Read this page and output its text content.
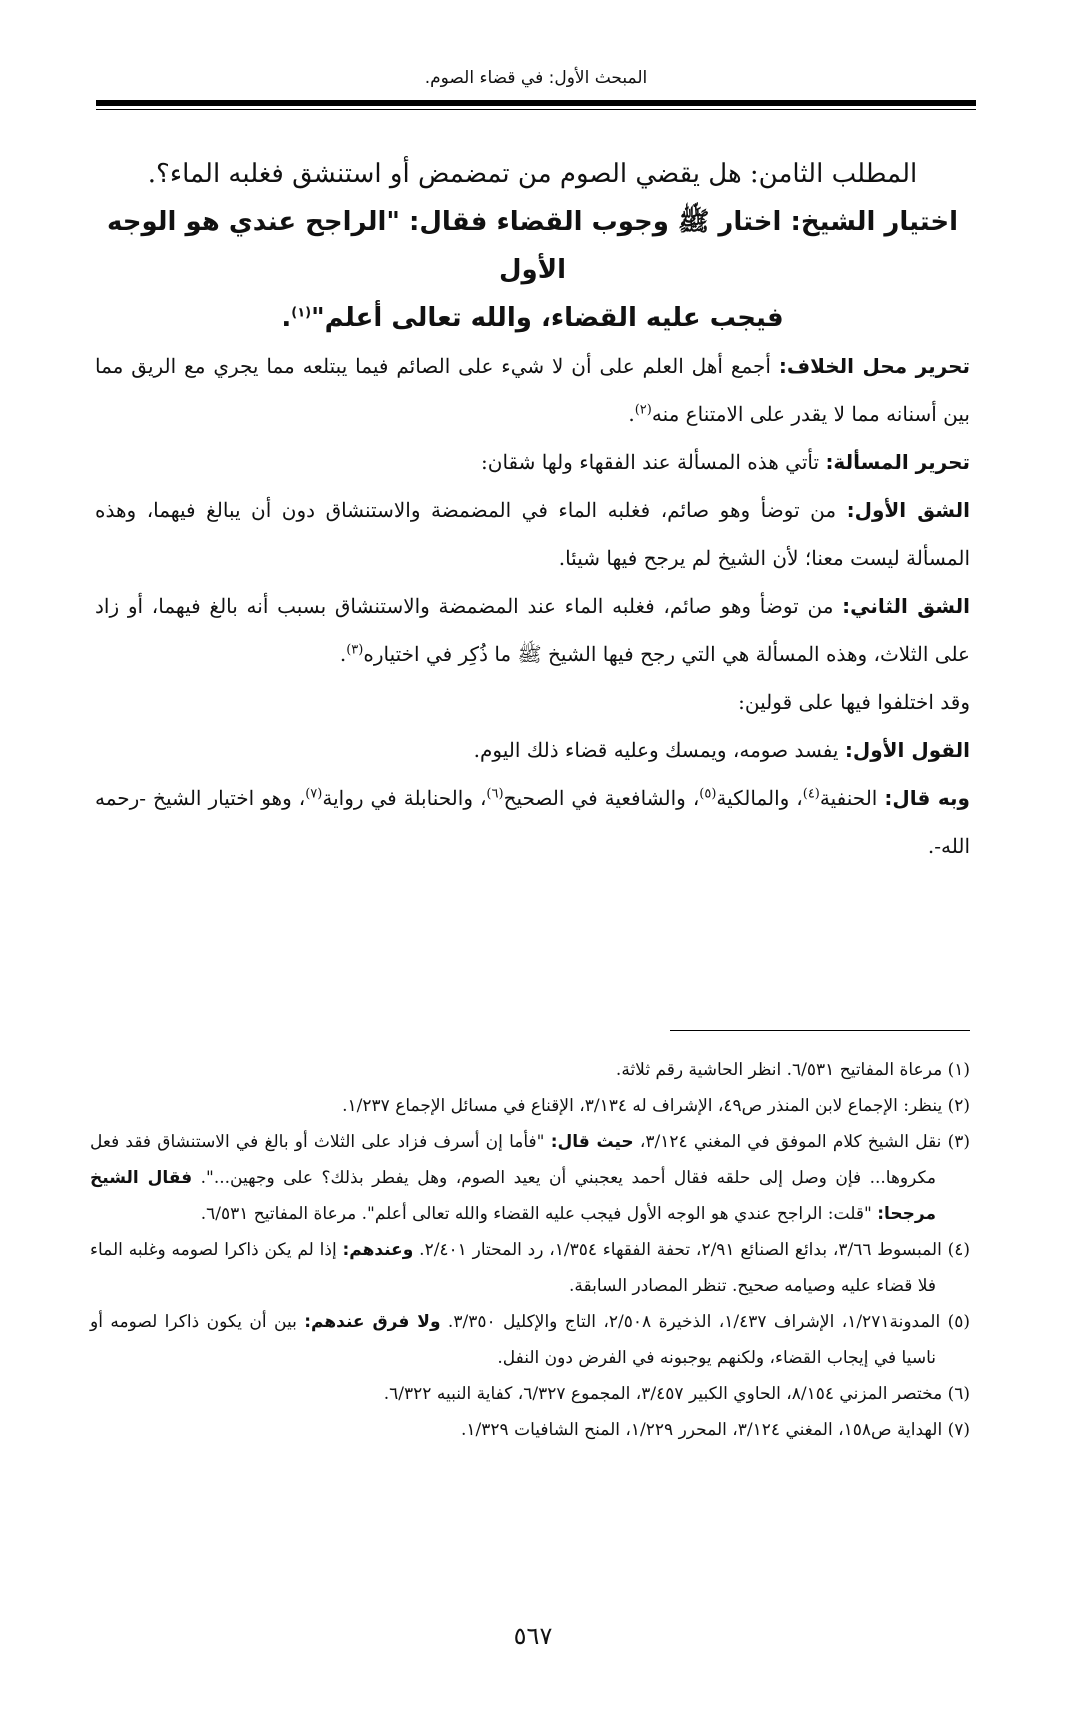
المبحث الأول: في قضاء الصوم.

المطلب الثامن: هل يقضي الصوم من تمضمض أو استنشق فغلبه الماء؟.

اختيار الشيخ: اختار ﷺ وجوب القضاء فقال: "الراجح عندي هو الوجه الأول

فيجب عليه القضاء، والله تعالى أعلم"$^{(١)}$.

تحرير محل الخلاف: أجمع أهل العلم على أن لا شيء على الصائم فيما يبتلعه مما يجري مع الريق مما بين أسنانه مما لا يقدر على الامتناع منه$^{(٢)}$.

تحرير المسألة: تأتي هذه المسألة عند الفقهاء ولها شقان:

الشق الأول: من توضأ وهو صائم، فغلبه الماء في المضمضة والاستنشاق دون أن يبالغ فيهما، وهذه المسألة ليست معنا؛ لأن الشيخ لم يرجح فيها شيئا.

الشق الثاني: من توضأ وهو صائم، فغلبه الماء عند المضمضة والاستنشاق بسبب أنه بالغ فيهما، أو زاد على الثلاث، وهذه المسألة هي التي رجح فيها الشيخ ﷺ ما ذُكِر في اختياره$^{(٣)}$.

وقد اختلفوا فيها على قولين:

القول الأول: يفسد صومه، ويمسك وعليه قضاء ذلك اليوم.

وبه قال: الحنفية$^{(٤)}$، والمالكية$^{(٥)}$، والشافعية في الصحيح$^{(٦)}$، والحنابلة في رواية$^{(٧)}$، وهو اختيار الشيخ -رحمه الله-.

(١) مرعاة المفاتيح ٦/٥٣١. انظر الحاشية رقم ثلاثة.

(٢) ينظر: الإجماع لابن المنذر ص٤٩، الإشراف له ٣/١٣٤، الإقناع في مسائل الإجماع ١/٢٣٧.

(٣) نقل الشيخ كلام الموفق في المغني ٣/١٢٤، حيث قال: "فأما إن أسرف فزاد على الثلاث أو بالغ في الاستنشاق فقد فعل مكروها... فإن وصل إلى حلقه فقال أحمد يعجبني أن يعيد الصوم، وهل يفطر بذلك؟ على وجهين...". فقال الشيخ مرجحا: "قلت: الراجح عندي هو الوجه الأول فيجب عليه القضاء والله تعالى أعلم". مرعاة المفاتيح ٦/٥٣١.

(٤) المبسوط ٣/٦٦، بدائع الصنائع ٢/٩١، تحفة الفقهاء ١/٣٥٤، رد المحتار ٢/٤٠١. وعندهم: إذا لم يكن ذاكرا لصومه وغلبه الماء فلا قضاء عليه وصيامه صحيح. تنظر المصادر السابقة.

(٥) المدونة١/٢٧١، الإشراف ١/٤٣٧، الذخيرة ٢/٥٠٨، التاج والإكليل ٣/٣٥٠. ولا فرق عندهم: بين أن يكون ذاكرا لصومه أو ناسيا في إيجاب القضاء، ولكنهم يوجبونه في الفرض دون النفل.

(٦) مختصر المزني ٨/١٥٤، الحاوي الكبير ٣/٤٥٧، المجموع ٦/٣٢٧، كفاية النبيه ٦/٣٢٢.

(٧) الهداية ص١٥٨، المغني ٣/١٢٤، المحرر ١/٢٢٩، المنح الشافيات ١/٣٢٩.

٥٦٧
